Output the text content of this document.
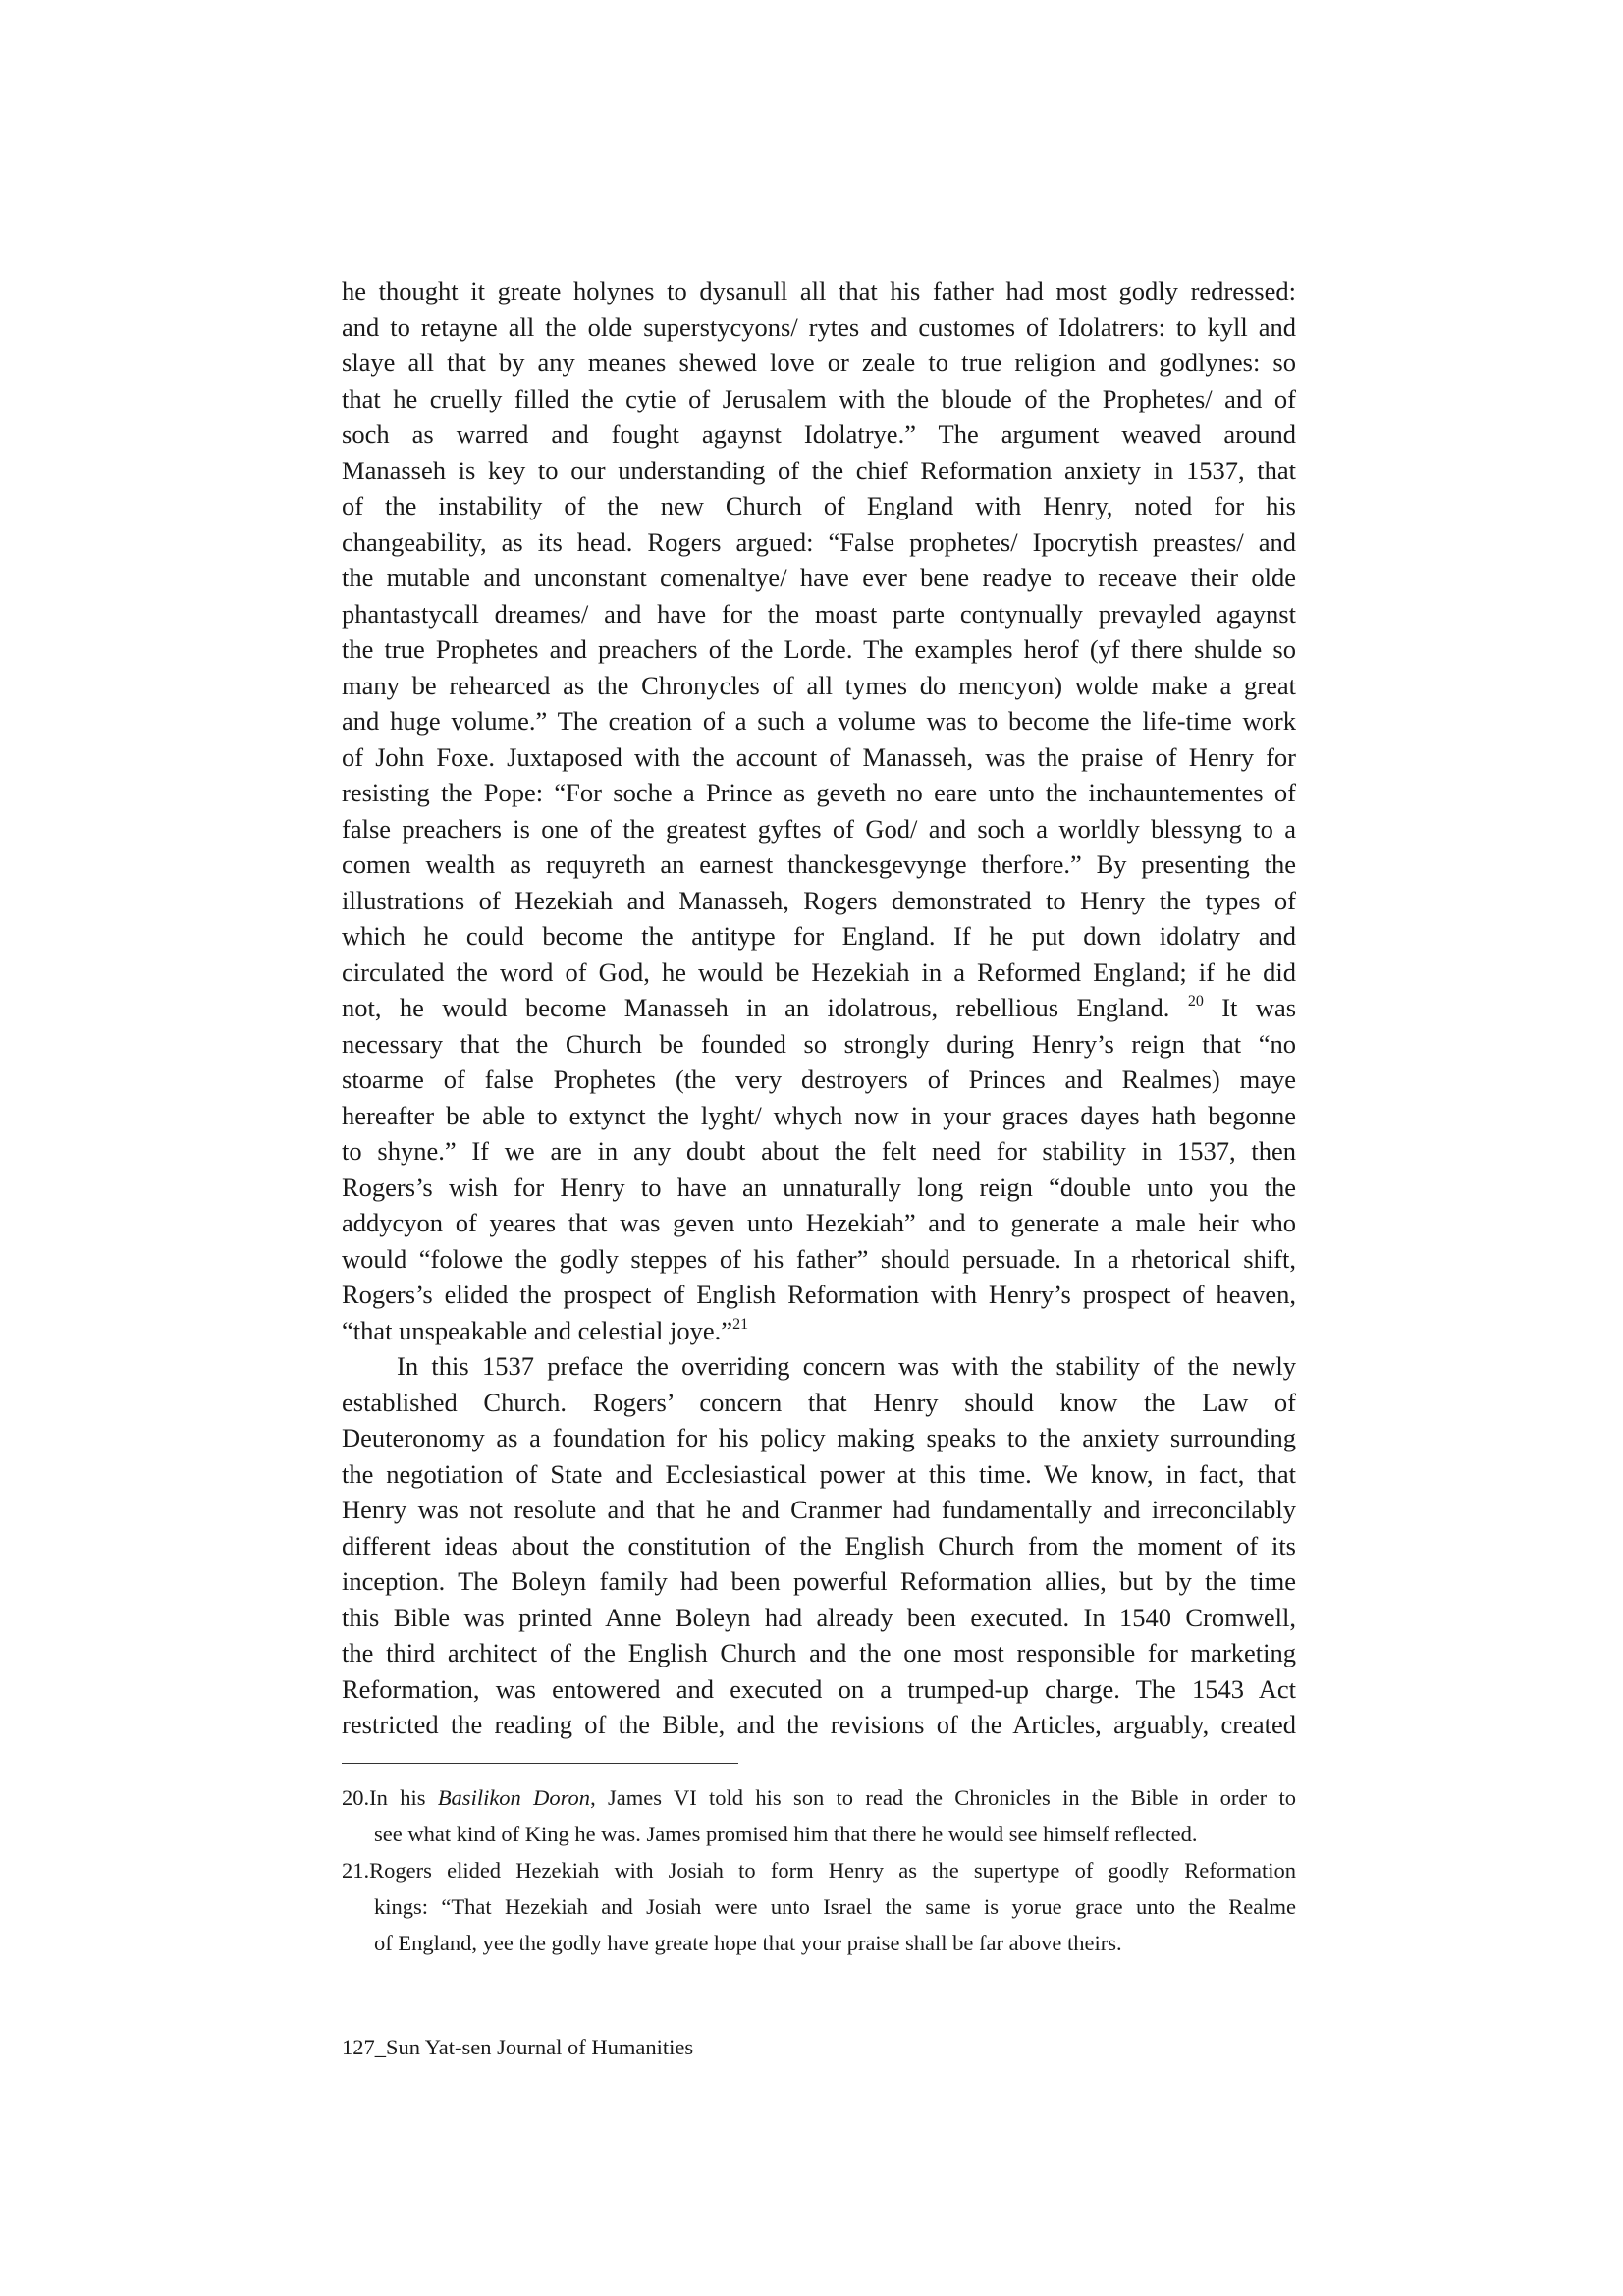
he thought it greate holynes to dysanull all that his father had most godly redressed:
and to retayne all the olde superstycyons/ rytes and customes of Idolatrers: to kyll and
slaye all that by any meanes shewed love or zeale to true religion and godlynes: so
that he cruelly filled the cytie of Jerusalem with the bloude of the Prophetes/ and of
soch as warred and fought agaynst Idolatrye.” The argument weaved around
Manasseh is key to our understanding of the chief Reformation anxiety in 1537, that
of the instability of the new Church of England with Henry, noted for his
changeability, as its head. Rogers argued: “False prophetes/ Ipocrytish preastes/ and
the mutable and unconstant comenaltye/ have ever bene readye to receave their olde
phantastycall dreames/ and have for the moast parte contynually prevayled agaynst
the true Prophetes and preachers of the Lorde. The examples herof (yf there shulde so
many be rehearced as the Chronycles of all tymes do mencyon) wolde make a great
and huge volume.” The creation of a such a volume was to become the life-time work
of John Foxe. Juxtaposed with the account of Manasseh, was the praise of Henry for
resisting the Pope: “For soche a Prince as geveth no eare unto the inchauntementes of
false preachers is one of the greatest gyftes of God/ and soch a worldly blessyng to a
comen wealth as requyreth an earnest thanckesgevynge therfore.” By presenting the
illustrations of Hezekiah and Manasseh, Rogers demonstrated to Henry the types of
which he could become the antitype for England. If he put down idolatry and
circulated the word of God, he would be Hezekiah in a Reformed England; if he did
not, he would become Manasseh in an idolatrous, rebellious England. $^{20}$ It was
necessary that the Church be founded so strongly during Henry’s reign that “no
stoarme of false Prophetes (the very destroyers of Princes and Realmes) maye
hereafter be able to extynct the lyght/ whych now in your graces dayes hath begonne
to shyne.” If we are in any doubt about the felt need for stability in 1537, then
Rogers’s wish for Henry to have an unnaturally long reign “double unto you the
addycyon of yeares that was geven unto Hezekiah” and to generate a male heir who
would “folowe the godly steppes of his father” should persuade. In a rhetorical shift,
Rogers’s elided the prospect of English Reformation with Henry’s prospect of heaven,
“that unspeakable and celestial joye.”$^{21}$
In this 1537 preface the overriding concern was with the stability of the newly
established Church. Rogers’ concern that Henry should know the Law of
Deuteronomy as a foundation for his policy making speaks to the anxiety surrounding
the negotiation of State and Ecclesiastical power at this time. We know, in fact, that
Henry was not resolute and that he and Cranmer had fundamentally and irreconcilably
different ideas about the constitution of the English Church from the moment of its
inception. The Boleyn family had been powerful Reformation allies, but by the time
this Bible was printed Anne Boleyn had already been executed. In 1540 Cromwell,
the third architect of the English Church and the one most responsible for marketing
Reformation, was entowered and executed on a trumped-up charge. The 1543 Act
restricted the reading of the Bible, and the revisions of the Articles, arguably, created
20.In his Basilikon Doron, James VI told his son to read the Chronicles in the Bible in order to
see what kind of King he was. James promised him that there he would see himself reflected.
21.Rogers elided Hezekiah with Josiah to form Henry as the supertype of goodly Reformation
kings: “That Hezekiah and Josiah were unto Israel the same is yorue grace unto the Realme
of England, yee the godly have greate hope that your praise shall be far above theirs.
127_Sun Yat-sen Journal of Humanities
